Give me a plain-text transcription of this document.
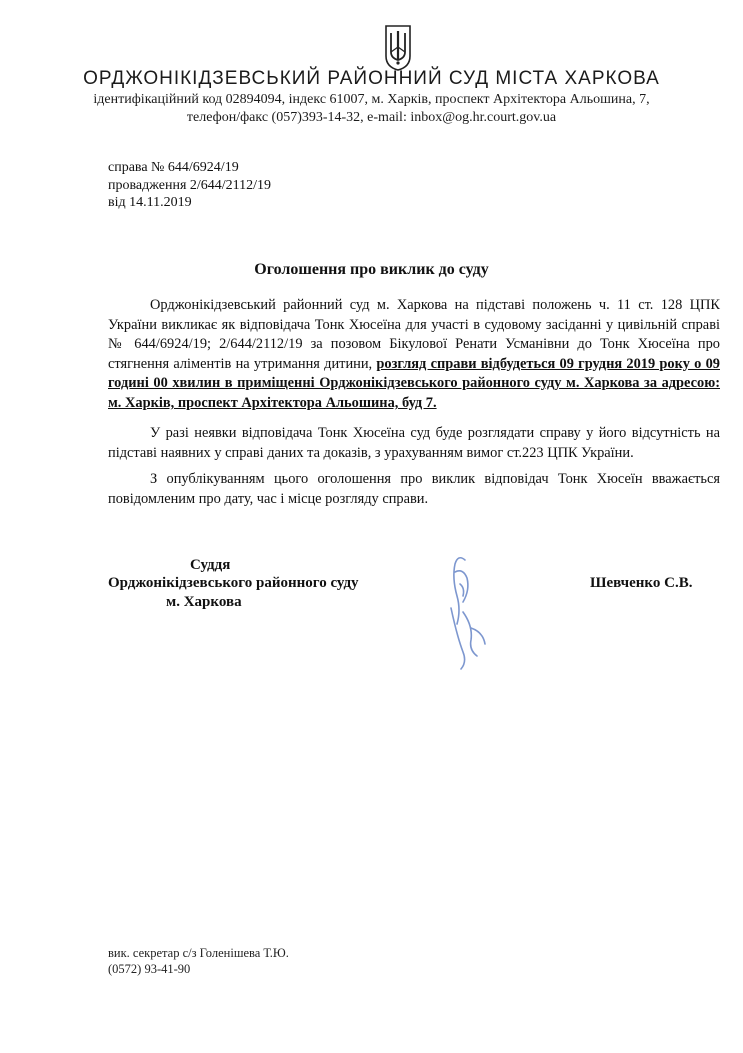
ОРДЖОНІКІДЗЕВСЬКИЙ РАЙОННИЙ СУД МІСТА ХАРКОВА
ідентифікаційний код 02894094, індекс 61007, м. Харків, проспект Архітектора Альошина, 7,
телефон/факс (057)393-14-32, e-mail: inbox@og.hr.court.gov.ua
справа № 644/6924/19
провадження 2/644/2112/19
від 14.11.2019
Оголошення про виклик до суду

Орджонікідзевський районний суд м. Харкова на підставі положень ч. 11 ст. 128 ЦПК України викликає як відповідача Тонк Хюсеїна для участі в судовому засіданні у цивільній справі № 644/6924/19; 2/644/2112/19 за позовом Бікулової Ренати Усманівни до Тонк Хюсеїна про стягнення аліментів на утримання дитини, розгляд справи відбудеться 09 грудня 2019 року о 09 годині 00 хвилин в приміщенні Орджонікідзевського районного суду м. Харкова за адресою: м. Харків, проспект Архітектора Альошина, буд 7.

У разі неявки відповідача Тонк Хюсеїна суд буде розглядати справу у його відсутність на підставі наявних у справі даних та доказів, з урахуванням вимог ст.223 ЦПК України.

З опублікуванням цього оголошення про виклик відповідач Тонк Хюсеїн вважається повідомленим про дату, час і місце розгляду справи.

Суддя
Орджонікідзевського районного суду
м. Харкова
Шевченко С.В.
вик. секретар с/з Голенішева Т.Ю.
(0572) 93-41-90
